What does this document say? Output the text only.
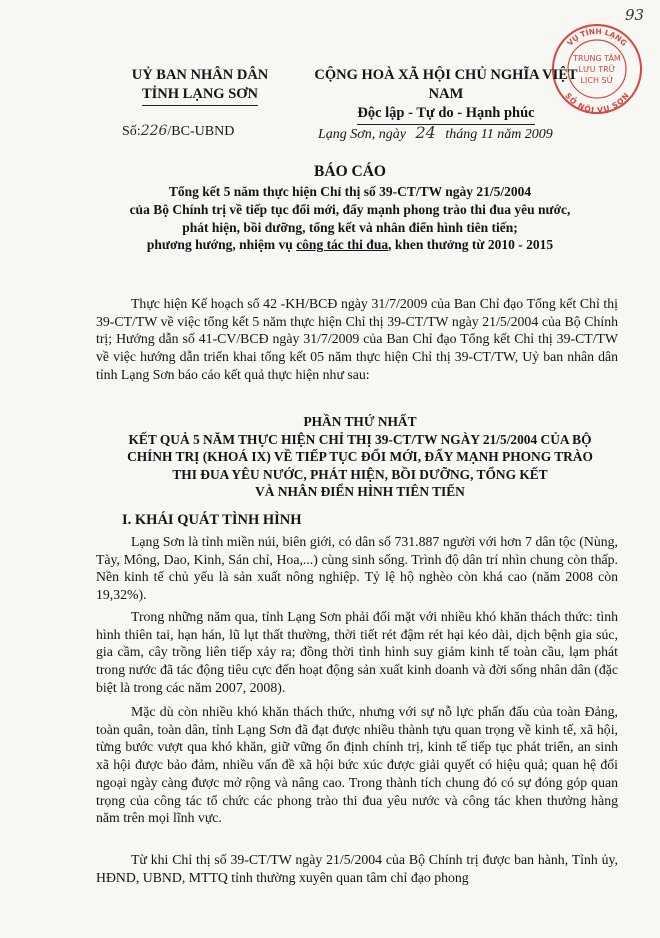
93
VỤ TỈNH LẠNG
SỞ NỘI VỤ SƠN
TRUNG TÂM
LƯU TRỮ
LỊCH SỬ
UỶ BAN NHÂN DÂN
TỈNH LẠNG SƠN
CỘNG HOÀ XÃ HỘI CHỦ NGHĨA VIỆT NAM
Độc lập - Tự do - Hạnh phúc
Số:226/BC-UBND	Lạng Sơn, ngày 24 tháng 11 năm 2009
BÁO CÁO
Tổng kết 5 năm thực hiện Chỉ thị số 39-CT/TW ngày 21/5/2004
của Bộ Chính trị về tiếp tục đổi mới, đẩy mạnh phong trào thi đua yêu nước,
phát hiện, bồi dưỡng, tổng kết và nhân điển hình tiên tiến;
phương hướng, nhiệm vụ công tác thi đua, khen thưởng từ 2010 - 2015
Thực hiện Kế hoạch số 42 -KH/BCĐ ngày 31/7/2009 của Ban Chỉ đạo Tổng kết Chỉ thị 39-CT/TW về việc tổng kết 5 năm thực hiện Chỉ thị 39-CT/TW ngày 21/5/2004 của Bộ Chính trị; Hướng dẫn số 41-CV/BCĐ ngày 31/7/2009 của Ban Chỉ đạo Tổng kết Chỉ thị 39-CT/TW về việc hướng dẫn triển khai tổng kết 05 năm thực hiện Chỉ thị 39-CT/TW, Uỷ ban nhân dân tỉnh Lạng Sơn báo cáo kết quả thực hiện như sau:
PHẦN THỨ NHẤT
KẾT QUẢ 5 NĂM THỰC HIỆN CHỈ THỊ 39-CT/TW NGÀY 21/5/2004 CỦA BỘ
CHÍNH TRỊ (KHOÁ IX) VỀ TIẾP TỤC ĐỔI MỚI, ĐẨY MẠNH PHONG TRÀO
THI ĐUA YÊU NƯỚC, PHÁT HIỆN, BỒI DƯỠNG, TỔNG KẾT
VÀ NHÂN ĐIỂN HÌNH TIÊN TIẾN
I. KHÁI QUÁT TÌNH HÌNH
Lạng Sơn là tỉnh miền núi, biên giới, có dân số 731.887 người với hơn 7 dân tộc (Nùng, Tày, Mông, Dao, Kinh, Sán chỉ, Hoa,...) cùng sinh sống. Trình độ dân trí nhìn chung còn thấp. Nền kinh tế chủ yếu là sản xuất nông nghiệp. Tỷ lệ hộ nghèo còn khá cao (năm 2008 còn 19,32%).
Trong những năm qua, tỉnh Lạng Sơn phải đối mặt với nhiều khó khăn thách thức: tình hình thiên tai, hạn hán, lũ lụt thất thường, thời tiết rét đậm rét hại kéo dài, dịch bệnh gia súc, gia cầm, cây trồng liên tiếp xảy ra; đồng thời tình hình suy giảm kinh tế toàn cầu, lạm phát trong nước đã tác động tiêu cực đến hoạt động sản xuất kinh doanh và đời sống nhân dân (đặc biệt là trong các năm 2007, 2008).
Mặc dù còn nhiều khó khăn thách thức, nhưng với sự nỗ lực phấn đấu của toàn Đảng, toàn quân, toàn dân, tỉnh Lạng Sơn đã đạt được nhiều thành tựu quan trọng về kinh tế, xã hội, từng bước vượt qua khó khăn, giữ vững ổn định chính trị, kinh tế tiếp tục phát triển, an sinh xã hội được bảo đảm, nhiều vấn đề xã hội bức xúc được giải quyết có hiệu quả; quan hệ đối ngoại ngày càng được mở rộng và nâng cao. Trong thành tích chung đó có sự đóng góp quan trọng của công tác tổ chức các phong trào thi đua yêu nước và công tác khen thưởng hàng năm trên mọi lĩnh vực.
Từ khi Chỉ thị số 39-CT/TW ngày 21/5/2004 của Bộ Chính trị được ban hành, Tỉnh ủy, HĐND, UBND, MTTQ tỉnh thường xuyên quan tâm chỉ đạo phong
